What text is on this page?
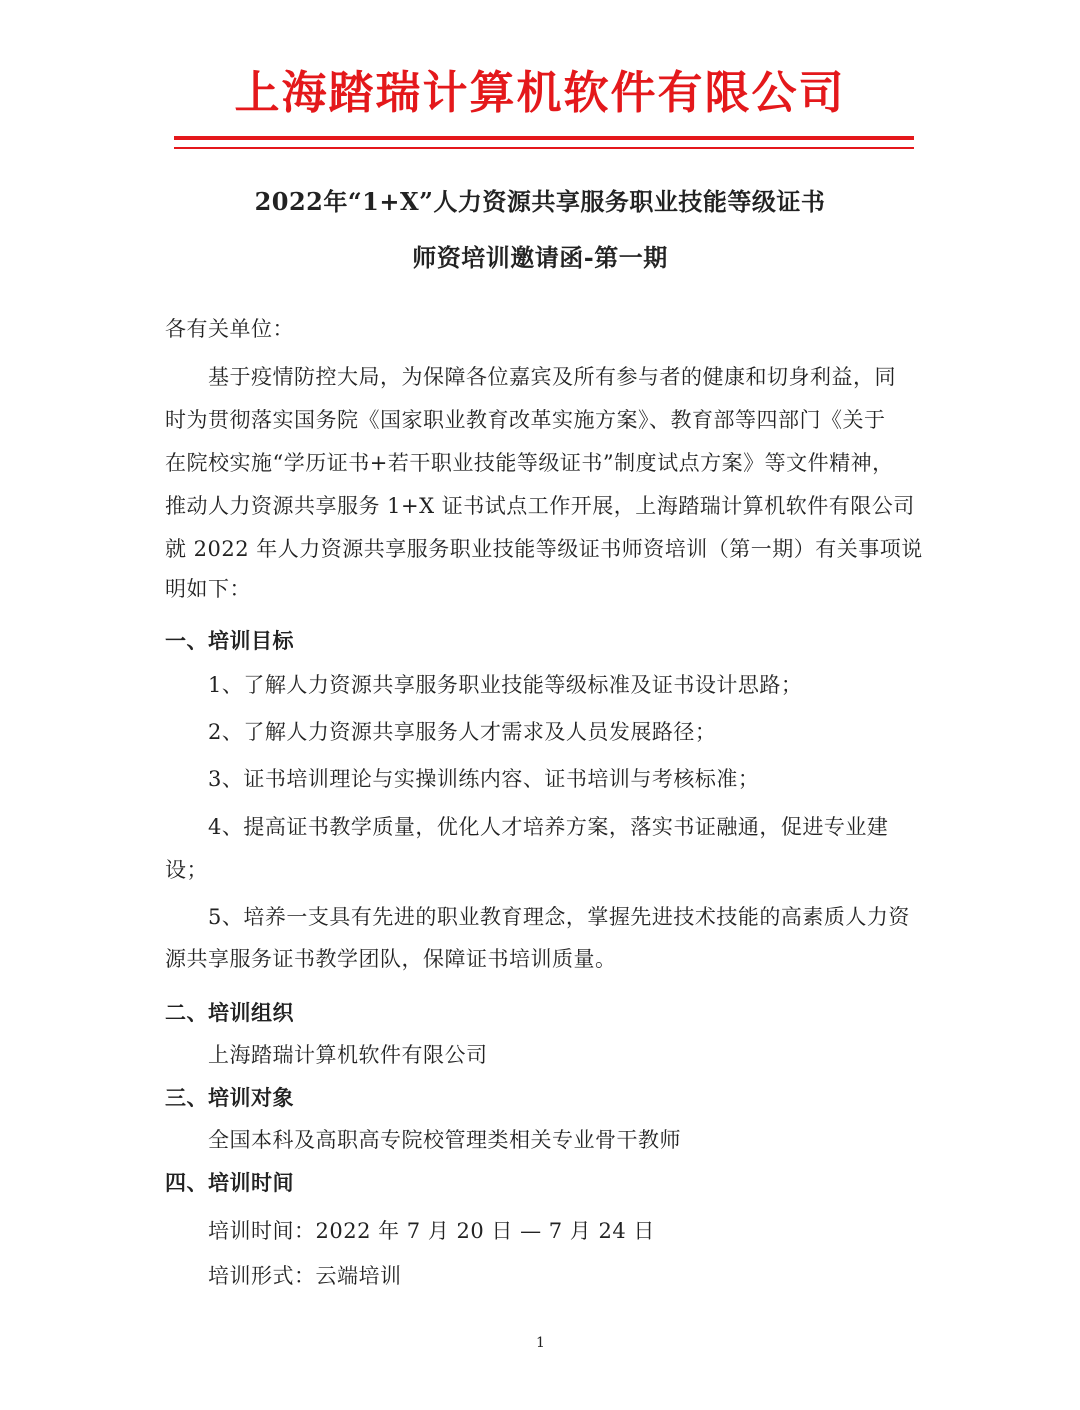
上海踏瑞计算机软件有限公司
2022年“1+X”人力资源共享服务职业技能等级证书
师资培训邀请函-第一期
各有关单位：
基于疫情防控大局，为保障各位嘉宾及所有参与者的健康和切身利益，同
时为贯彻落实国务院《国家职业教育改革实施方案》、教育部等四部门《关于
在院校实施“学历证书+若干职业技能等级证书”制度试点方案》等文件精神，
推动人力资源共享服务 1+X 证书试点工作开展，上海踏瑞计算机软件有限公司
就 2022 年人力资源共享服务职业技能等级证书师资培训（第一期）有关事项说
明如下：
一、培训目标
1、了解人力资源共享服务职业技能等级标准及证书设计思路；
2、了解人力资源共享服务人才需求及人员发展路径；
3、证书培训理论与实操训练内容、证书培训与考核标准；
4、提高证书教学质量，优化人才培养方案，落实书证融通，促进专业建
设；
5、培养一支具有先进的职业教育理念，掌握先进技术技能的高素质人力资
源共享服务证书教学团队，保障证书培训质量。
二、培训组织
上海踏瑞计算机软件有限公司
三、培训对象
全国本科及高职高专院校管理类相关专业骨干教师
四、培训时间
培训时间：2022 年 7 月 20 日 — 7 月 24 日
培训形式：云端培训
1
